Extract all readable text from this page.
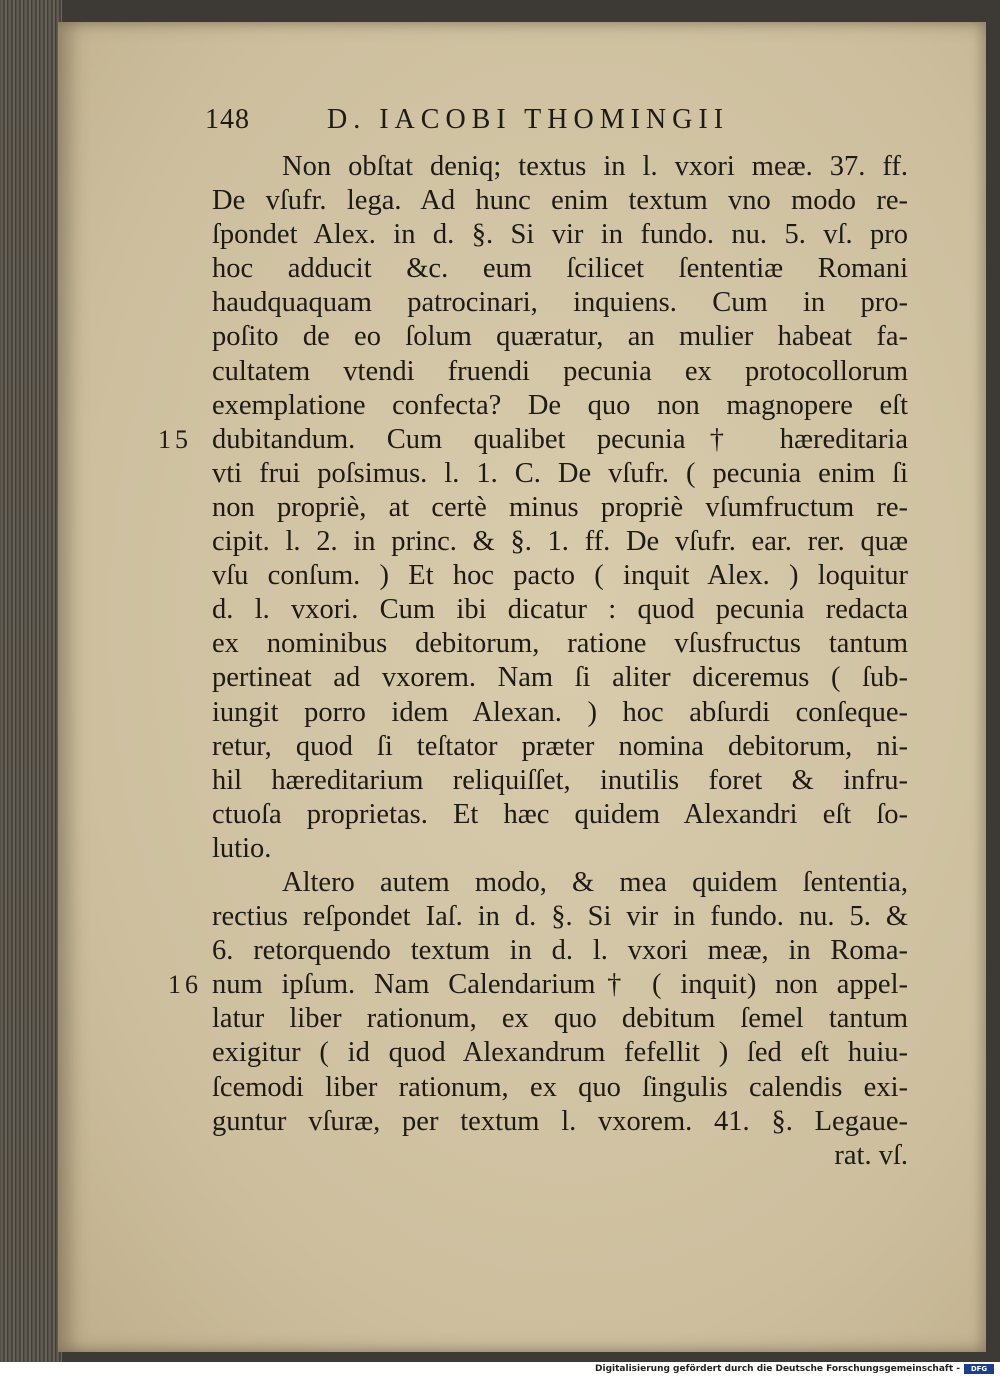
148	D. IACOBI THOMINGII
15
16
Non obſtat deniq; textus in l. vxori meæ. 37. ff.
De vſufr. lega. Ad hunc enim textum vno modo re-
ſpondet Alex. in d. §. Si vir in fundo. nu. 5. vſ. pro
hoc adducit &c. eum ſcilicet ſententiæ Romani
haudquaquam patrocinari, inquiens. Cum in pro-
poſito de eo ſolum quæratur, an mulier habeat fa-
cultatem vtendi fruendi pecunia ex protocollorum
exemplatione confecta? De quo non magnopere eſt
dubitandum. Cum qualibet pecunia† hæreditaria
vti frui poſsimus. l. 1. C. De vſufr. ( pecunia enim ſi
non propriè, at certè minus propriè vſumfructum re-
cipit. l. 2. in princ. & §. 1. ff. De vſufr. ear. rer. quæ
vſu conſum. ) Et hoc pacto ( inquit Alex. ) loquitur
d. l. vxori. Cum ibi dicatur : quod pecunia redacta
ex nominibus debitorum, ratione vſusfructus tantum
pertineat ad vxorem. Nam ſi aliter diceremus ( ſub-
iungit porro idem Alexan. ) hoc abſurdi conſeque-
retur, quod ſi teſtator præter nomina debitorum, ni-
hil hæreditarium reliquiſſet, inutilis foret & infru-
ctuoſa proprietas. Et hæc quidem Alexandri eſt ſo-
lutio.
Altero autem modo, & mea quidem ſententia,
rectius reſpondet Iaſ. in d. §. Si vir in fundo. nu. 5. &
6. retorquendo textum in d. l. vxori meæ, in Roma-
num ipſum. Nam Calendarium† ( inquit) non appel-
latur liber rationum, ex quo debitum ſemel tantum
exigitur ( id quod Alexandrum fefellit ) ſed eſt huiu-
ſcemodi liber rationum, ex quo ſingulis calendis exi-
guntur vſuræ, per textum l. vxorem. 41. §. Legaue-
rat. vſ.
Digitalisierung gefördert durch die Deutsche Forschungsgemeinschaft -	DFG
